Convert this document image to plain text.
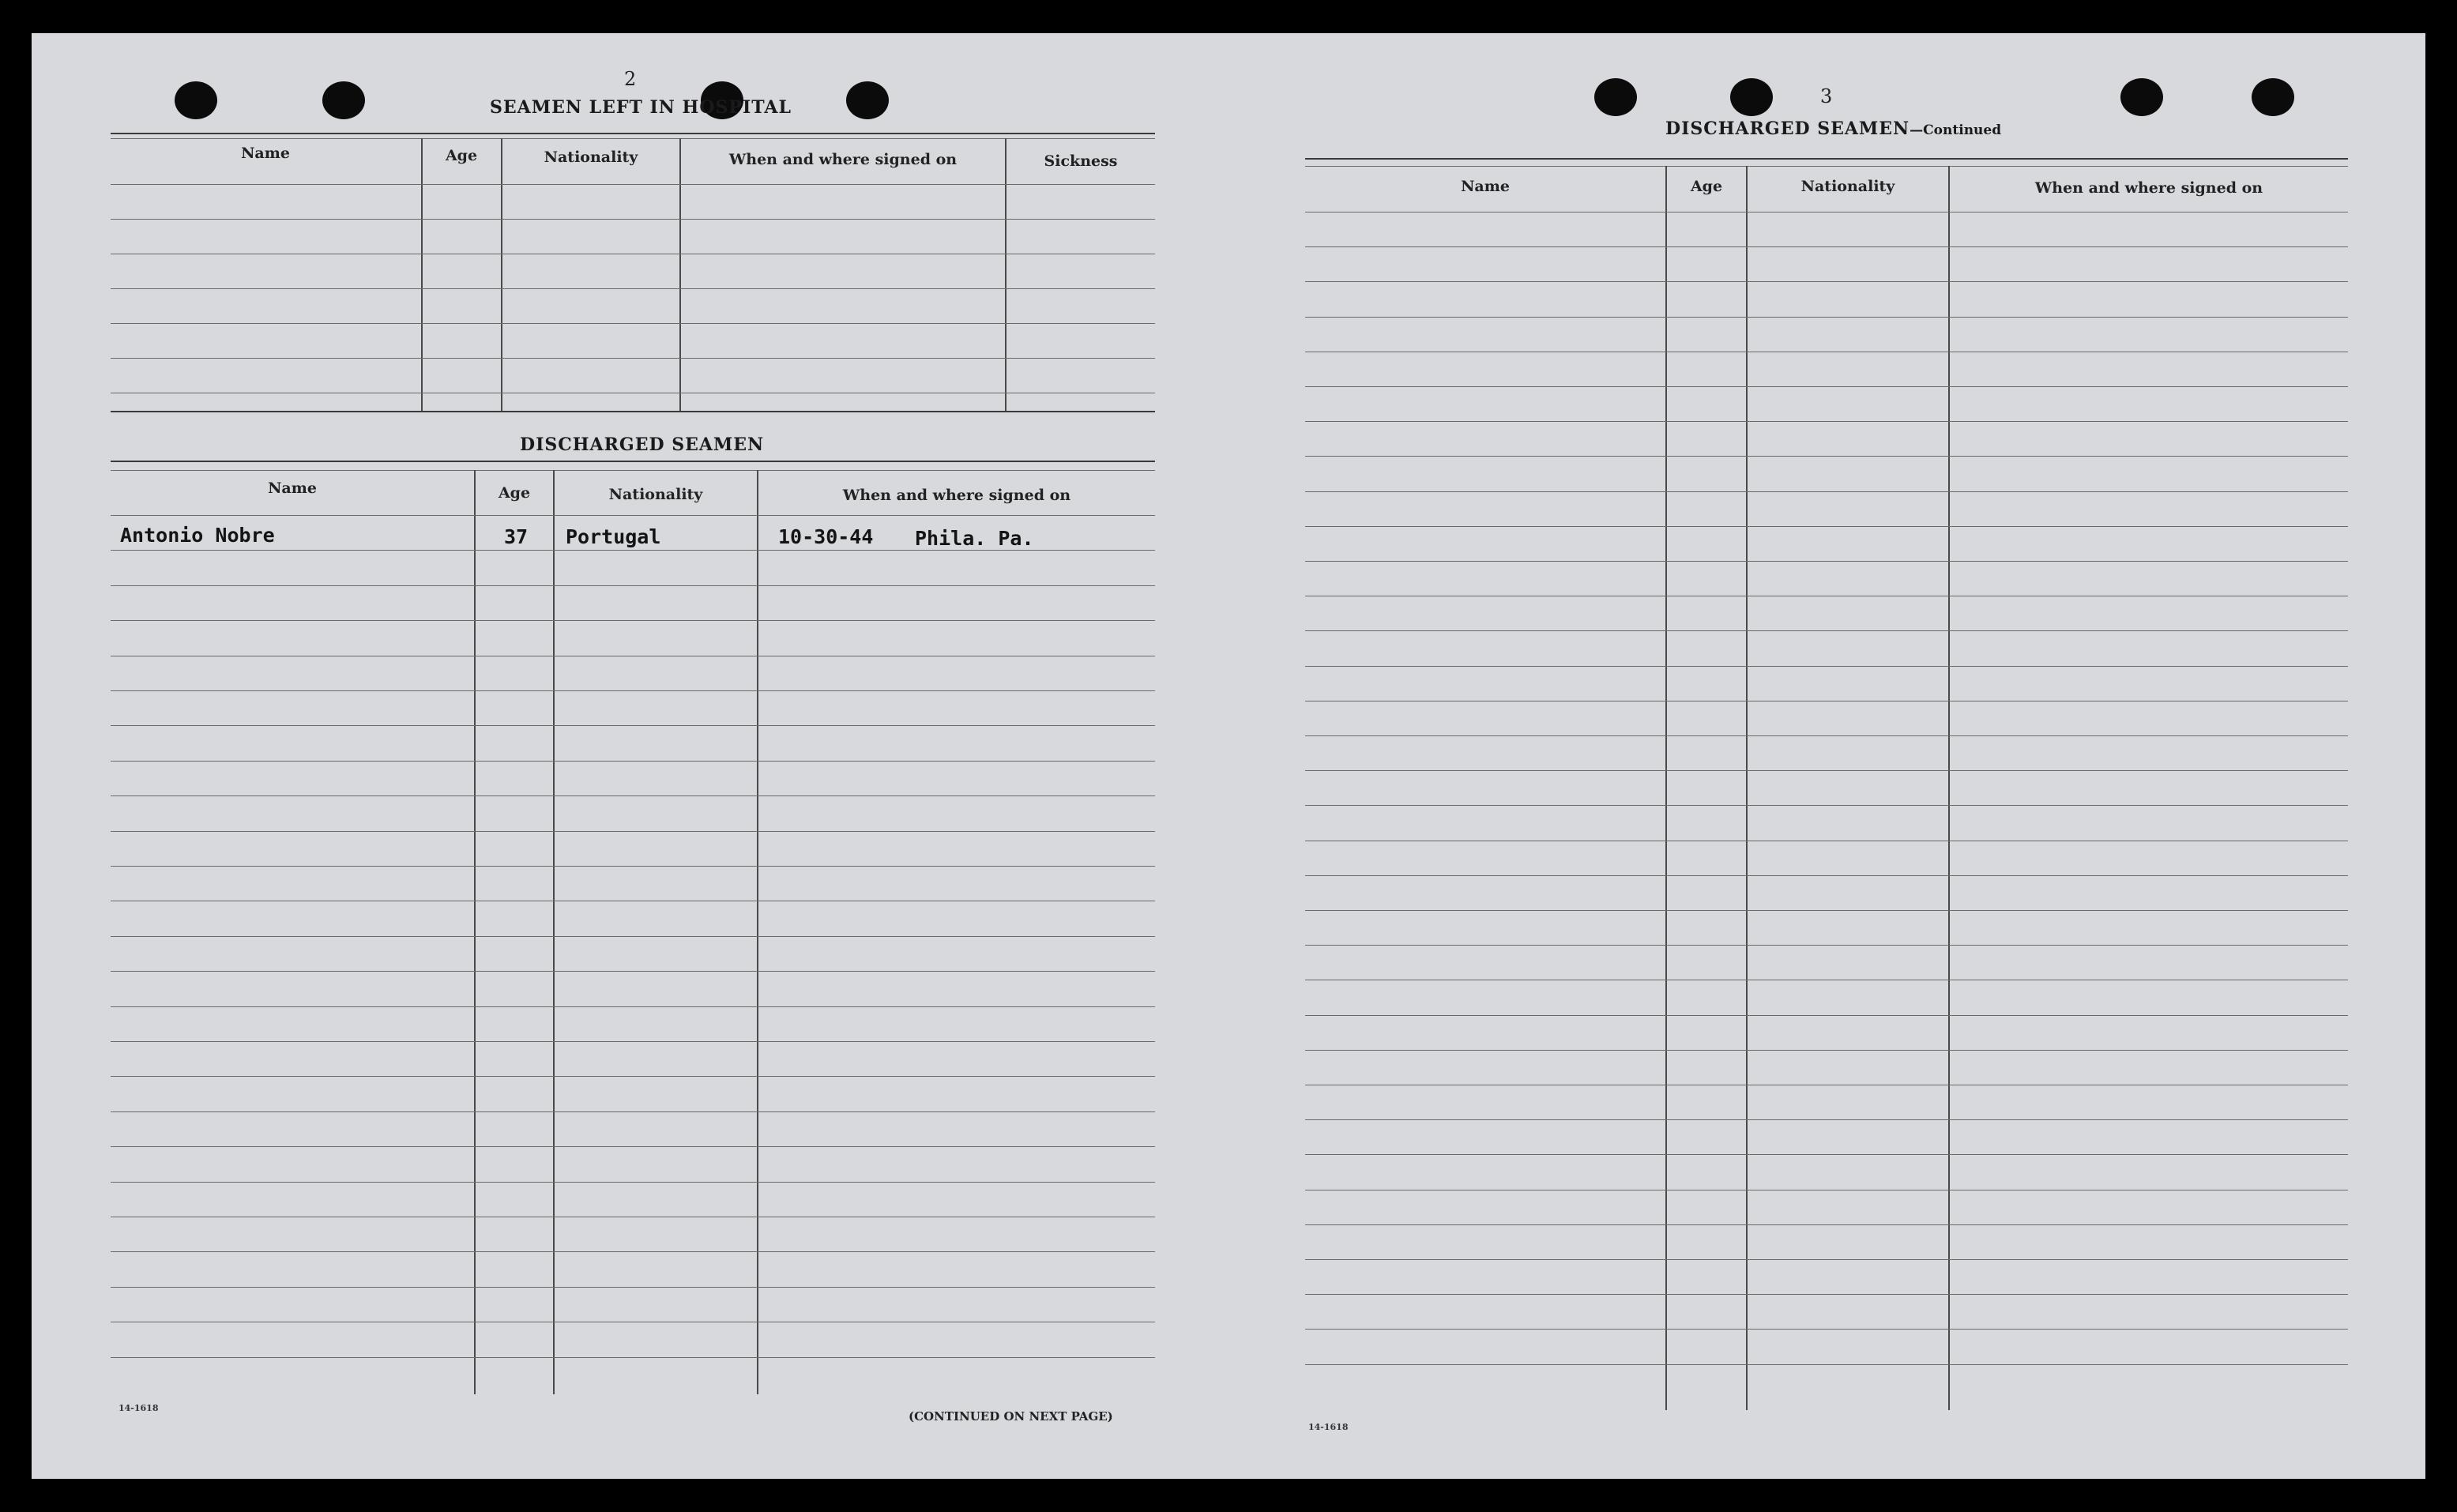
2
SEAMEN LEFT IN HOSPITAL
Name	Age	Nationality	When and where signed on	Sickness
DISCHARGED SEAMEN
Name	Age	Nationality	When and where signed on
Antonio Nobre	37 Portugal	10-30-44 Phila. Pa.
14-1618
(CONTINUED ON NEXT PAGE)
3
DISCHARGED SEAMEN—Continued
Name	Age	Nationality	When and where signed on
14-1618
